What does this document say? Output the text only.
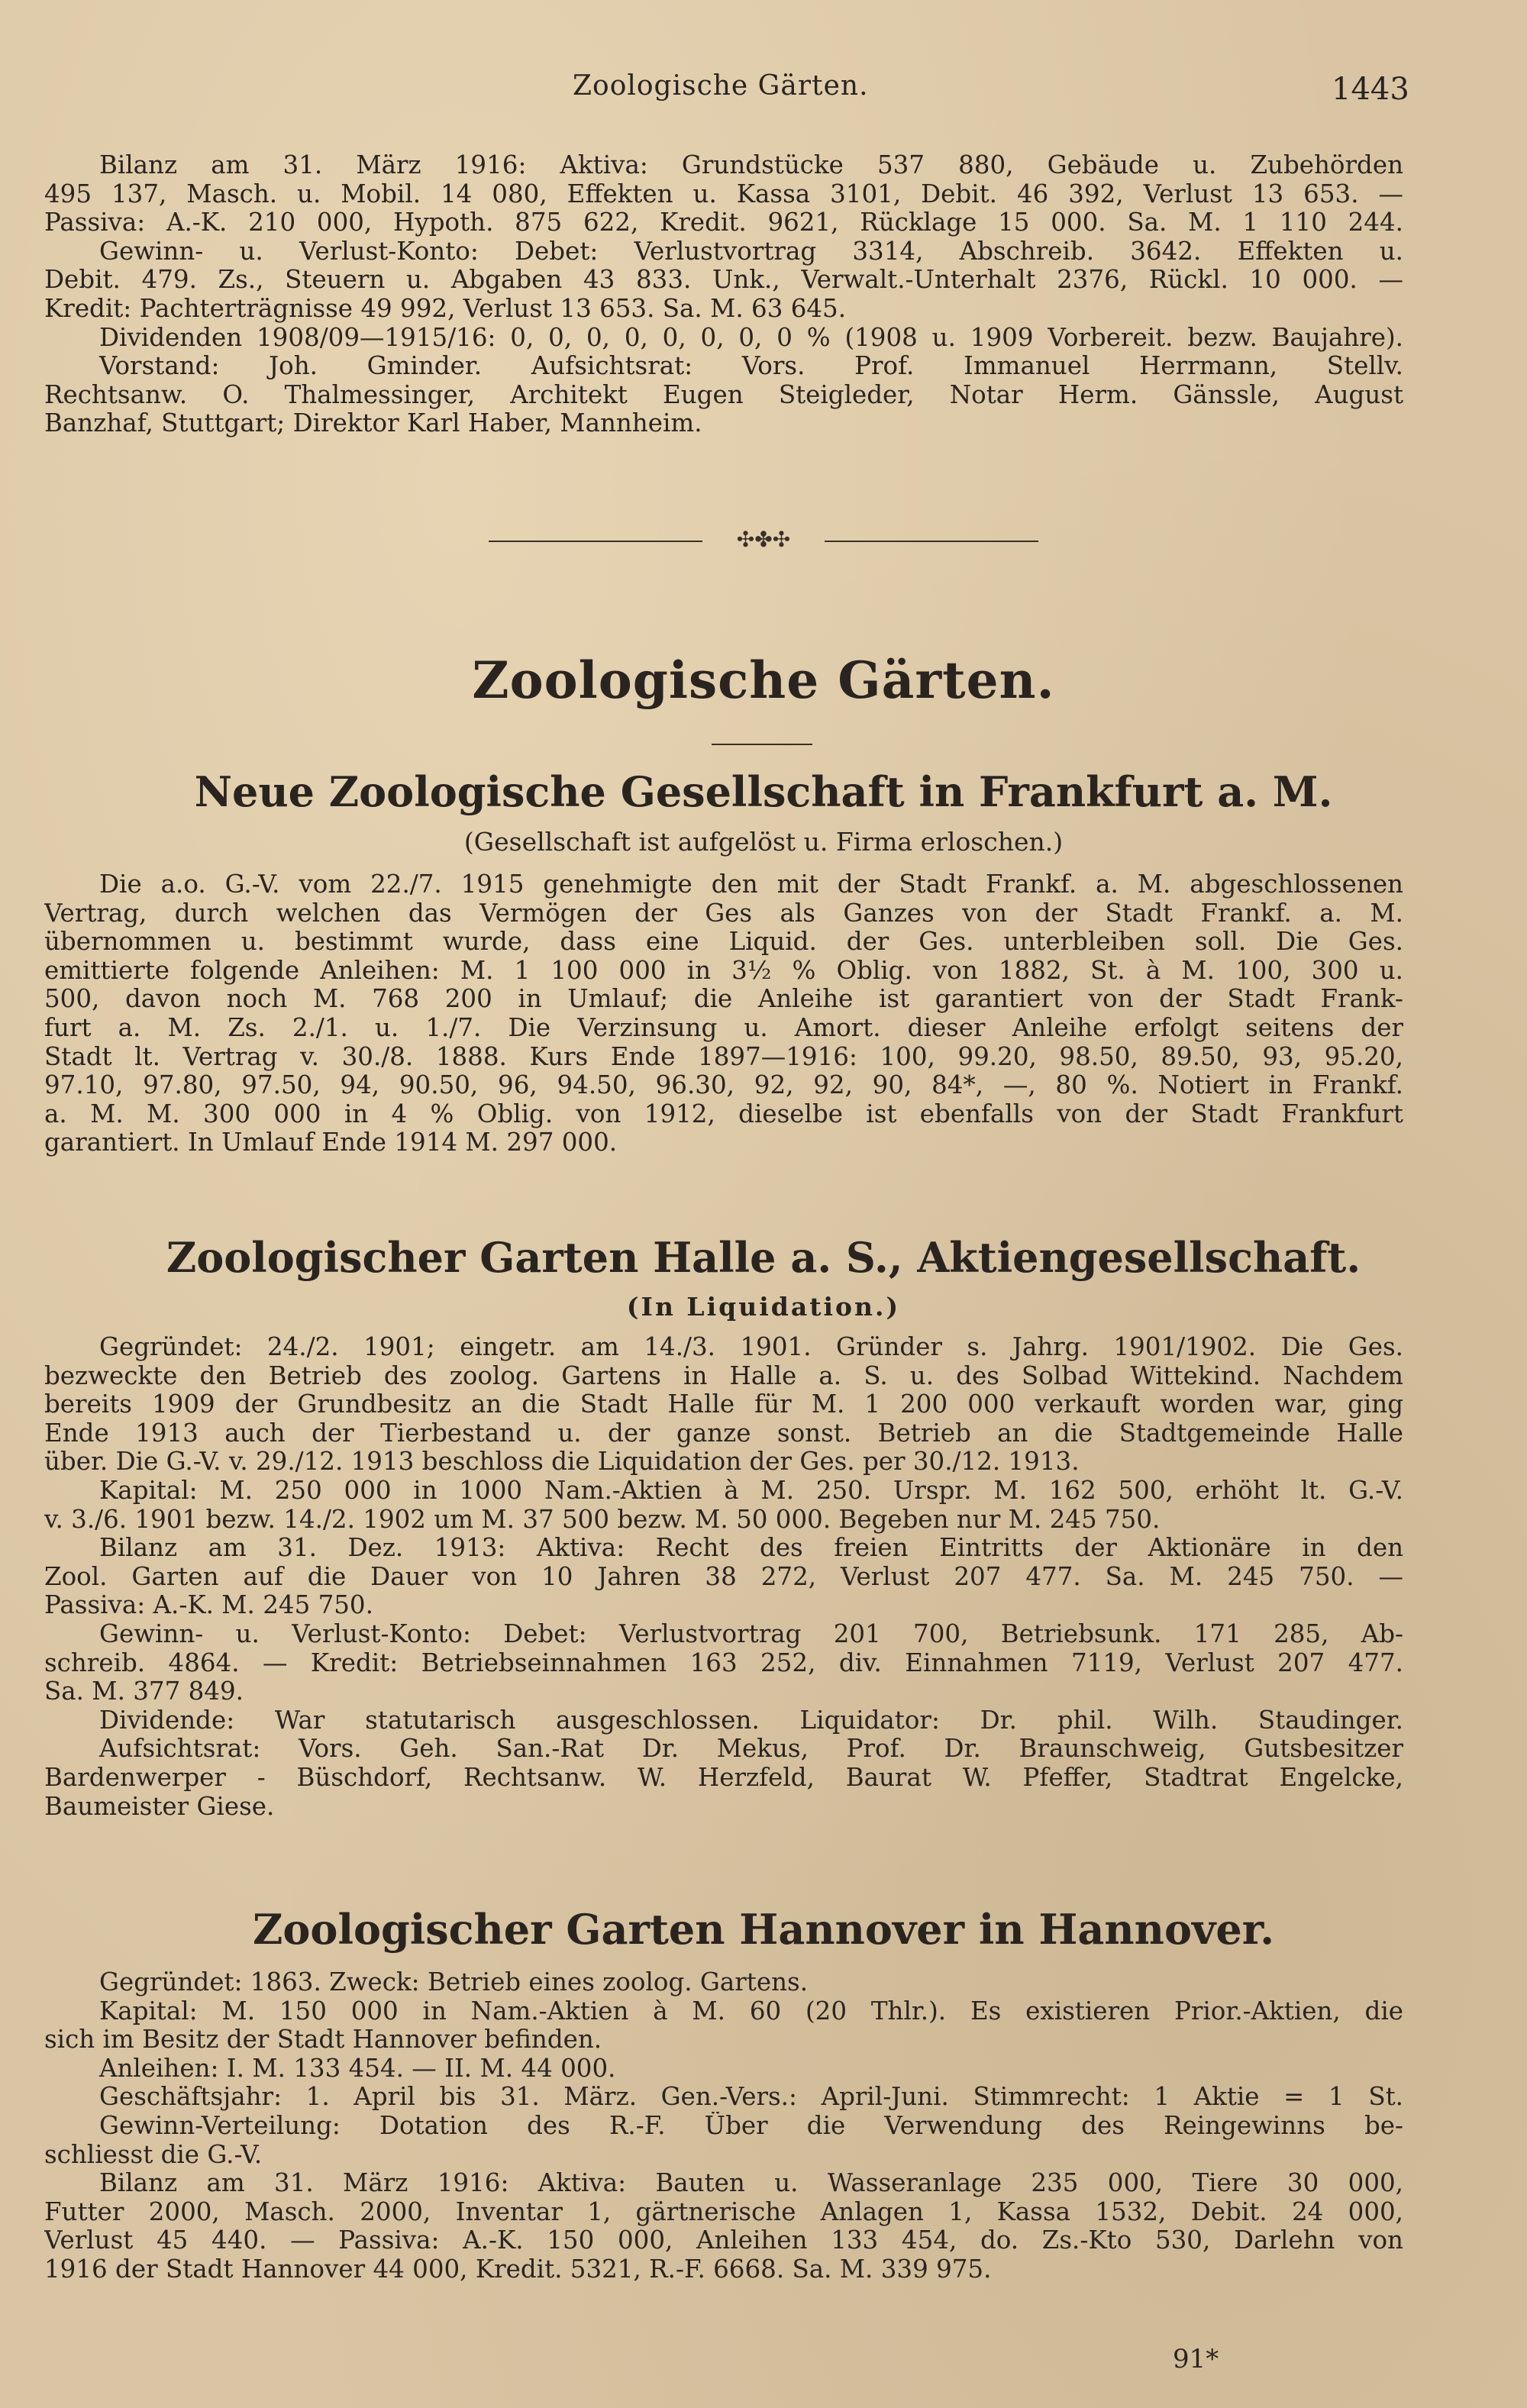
Zoologische Gärten.	1443
Bilanz am 31. März 1916: Aktiva: Grundstücke 537 880, Gebäude u. Zubehörden
495 137, Masch. u. Mobil. 14 080, Effekten u. Kassa 3101, Debit. 46 392, Verlust 13 653. —
Passiva: A.-K. 210 000, Hypoth. 875 622, Kredit. 9621, Rücklage 15 000. Sa. M. 1 110 244.
Gewinn- u. Verlust-Konto: Debet: Verlustvortrag 3314, Abschreib. 3642. Effekten u.
Debit. 479. Zs., Steuern u. Abgaben 43 833. Unk., Verwalt.-Unterhalt 2376, Rückl. 10 000. —
Kredit: Pachterträgnisse 49 992, Verlust 13 653. Sa. M. 63 645.
Dividenden 1908/09—1915/16: 0, 0, 0, 0, 0, 0, 0, 0 % (1908 u. 1909 Vorbereit. bezw. Baujahre).
Vorstand: Joh. Gminder. Aufsichtsrat: Vors. Prof. Immanuel Herrmann, Stellv.
Rechtsanw. O. Thalmessinger, Architekt Eugen Steigleder, Notar Herm. Gänssle, August
Banzhaf, Stuttgart; Direktor Karl Haber, Mannheim.
✣✤✣
Zoologische Gärten.
Neue Zoologische Gesellschaft in Frankfurt a. M.
(Gesellschaft ist aufgelöst u. Firma erloschen.)
Die a.o. G.-V. vom 22./7. 1915 genehmigte den mit der Stadt Frankf. a. M. abgeschlossenen
Vertrag, durch welchen das Vermögen der Ges als Ganzes von der Stadt Frankf. a. M.
übernommen u. bestimmt wurde, dass eine Liquid. der Ges. unterbleiben soll. Die Ges.
emittierte folgende Anleihen: M. 1 100 000 in 3½ % Oblig. von 1882, St. à M. 100, 300 u.
500, davon noch M. 768 200 in Umlauf; die Anleihe ist garantiert von der Stadt Frank-
furt a. M. Zs. 2./1. u. 1./7. Die Verzinsung u. Amort. dieser Anleihe erfolgt seitens der
Stadt lt. Vertrag v. 30./8. 1888. Kurs Ende 1897—1916: 100, 99.20, 98.50, 89.50, 93, 95.20,
97.10, 97.80, 97.50, 94, 90.50, 96, 94.50, 96.30, 92, 92, 90, 84*, —, 80 %. Notiert in Frankf.
a. M. M. 300 000 in 4 % Oblig. von 1912, dieselbe ist ebenfalls von der Stadt Frankfurt
garantiert. In Umlauf Ende 1914 M. 297 000.
Zoologischer Garten Halle a. S., Aktiengesellschaft.
(In Liquidation.)
Gegründet: 24./2. 1901; eingetr. am 14./3. 1901. Gründer s. Jahrg. 1901/1902. Die Ges.
bezweckte den Betrieb des zoolog. Gartens in Halle a. S. u. des Solbad Wittekind. Nachdem
bereits 1909 der Grundbesitz an die Stadt Halle für M. 1 200 000 verkauft worden war, ging
Ende 1913 auch der Tierbestand u. der ganze sonst. Betrieb an die Stadtgemeinde Halle
über. Die G.-V. v. 29./12. 1913 beschloss die Liquidation der Ges. per 30./12. 1913.
Kapital: M. 250 000 in 1000 Nam.-Aktien à M. 250. Urspr. M. 162 500, erhöht lt. G.-V.
v. 3./6. 1901 bezw. 14./2. 1902 um M. 37 500 bezw. M. 50 000. Begeben nur M. 245 750.
Bilanz am 31. Dez. 1913: Aktiva: Recht des freien Eintritts der Aktionäre in den
Zool. Garten auf die Dauer von 10 Jahren 38 272, Verlust 207 477. Sa. M. 245 750. —
Passiva: A.-K. M. 245 750.
Gewinn- u. Verlust-Konto: Debet: Verlustvortrag 201 700, Betriebsunk. 171 285, Ab-
schreib. 4864. — Kredit: Betriebseinnahmen 163 252, div. Einnahmen 7119, Verlust 207 477.
Sa. M. 377 849.
Dividende: War statutarisch ausgeschlossen. Liquidator: Dr. phil. Wilh. Staudinger.
Aufsichtsrat: Vors. Geh. San.-Rat Dr. Mekus, Prof. Dr. Braunschweig, Gutsbesitzer
Bardenwerper - Büschdorf, Rechtsanw. W. Herzfeld, Baurat W. Pfeffer, Stadtrat Engelcke,
Baumeister Giese.
Zoologischer Garten Hannover in Hannover.
Gegründet: 1863. Zweck: Betrieb eines zoolog. Gartens.
Kapital: M. 150 000 in Nam.-Aktien à M. 60 (20 Thlr.). Es existieren Prior.-Aktien, die
sich im Besitz der Stadt Hannover befinden.
Anleihen: I. M. 133 454. — II. M. 44 000.
Geschäftsjahr: 1. April bis 31. März. Gen.-Vers.: April-Juni. Stimmrecht: 1 Aktie = 1 St.
Gewinn-Verteilung: Dotation des R.-F. Über die Verwendung des Reingewinns be-
schliesst die G.-V.
Bilanz am 31. März 1916: Aktiva: Bauten u. Wasseranlage 235 000, Tiere 30 000,
Futter 2000, Masch. 2000, Inventar 1, gärtnerische Anlagen 1, Kassa 1532, Debit. 24 000,
Verlust 45 440. — Passiva: A.-K. 150 000, Anleihen 133 454, do. Zs.-Kto 530, Darlehn von
1916 der Stadt Hannover 44 000, Kredit. 5321, R.-F. 6668. Sa. M. 339 975.
91*
